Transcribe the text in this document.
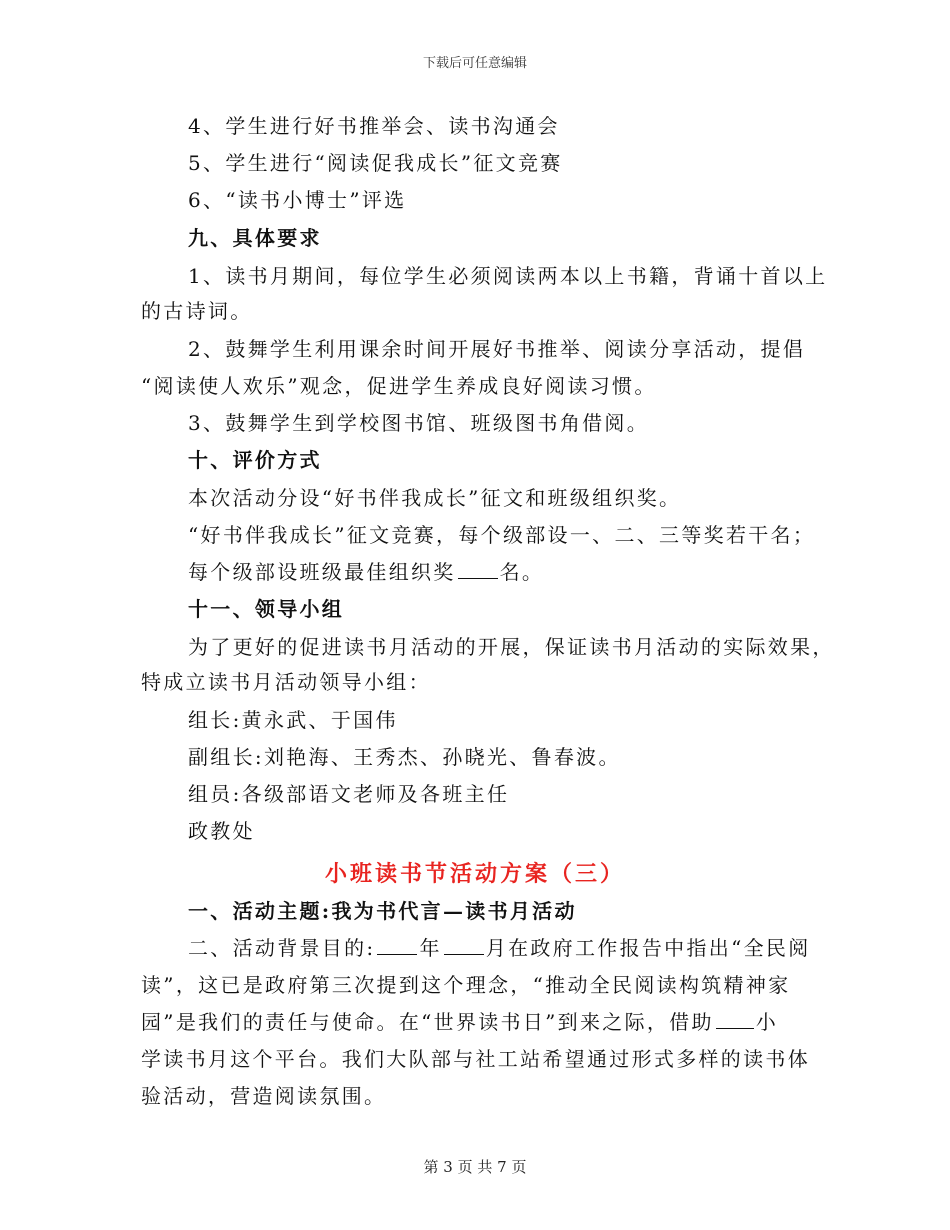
下载后可任意编辑
4、学生进行好书推举会、读书沟通会
5、学生进行“阅读促我成长”征文竞赛
6、“读书小博士”评选
九、具体要求
1、读书月期间，每位学生必须阅读两本以上书籍，背诵十首以上
的古诗词。
2、鼓舞学生利用课余时间开展好书推举、阅读分享活动，提倡
“阅读使人欢乐”观念，促进学生养成良好阅读习惯。
3、鼓舞学生到学校图书馆、班级图书角借阅。
十、评价方式
本次活动分设“好书伴我成长”征文和班级组织奖。
“好书伴我成长”征文竞赛，每个级部设一、二、三等奖若干名；
每个级部设班级最佳组织奖 名。
十一、领导小组
为了更好的促进读书月活动的开展，保证读书月活动的实际效果，
特成立读书月活动领导小组：
组长:黄永武、于国伟
副组长:刘艳海、王秀杰、孙晓光、鲁春波。
组员:各级部语文老师及各班主任
政教处
小班读书节活动方案（三）
一、活动主题:我为书代言—读书月活动
二、活动背景目的: 年 月在政府工作报告中指出“全民阅
读”，这已是政府第三次提到这个理念，“推动全民阅读构筑精神家
园”是我们的责任与使命。在“世界读书日”到来之际，借助 小
学读书月这个平台。我们大队部与社工站希望通过形式多样的读书体
验活动，营造阅读氛围。
第 3 页 共 7 页
